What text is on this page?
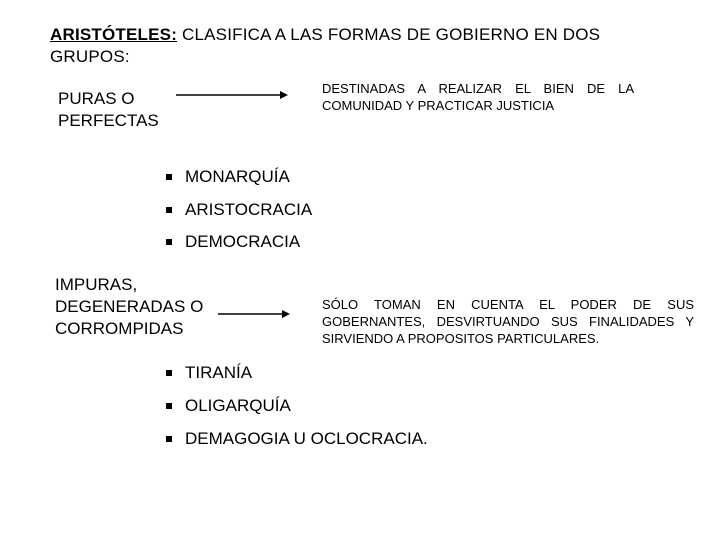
ARISTÓTELES: CLASIFICA A LAS FORMAS DE GOBIERNO EN DOS GRUPOS:
PURAS O PERFECTAS
DESTINADAS A REALIZAR EL BIEN DE LA COMUNIDAD Y PRACTICAR JUSTICIA
MONARQUÍA
ARISTOCRACIA
DEMOCRACIA
IMPURAS, DEGENERADAS O CORROMPIDAS
SÓLO TOMAN EN CUENTA EL PODER DE SUS GOBERNANTES, DESVIRTUANDO SUS FINALIDADES Y SIRVIENDO A PROPOSITOS PARTICULARES.
TIRANÍA
OLIGARQUÍA
DEMAGOGIA U OCLOCRACIA.
